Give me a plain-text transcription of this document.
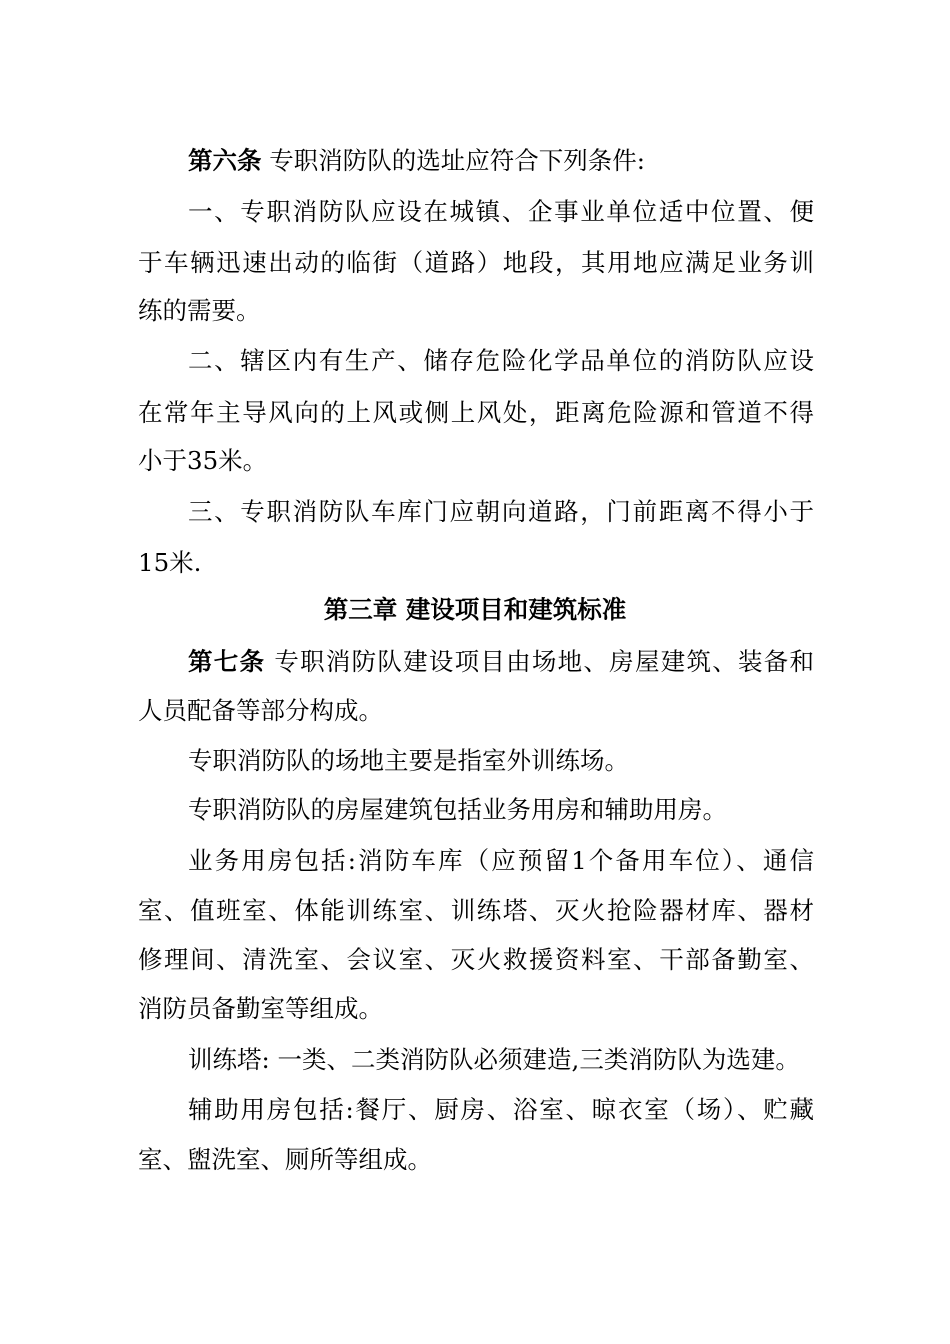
第六条 专职消防队的选址应符合下列条件:
一、专职消防队应设在城镇、企事业单位适中位置、便
于车辆迅速出动的临街（道路）地段，其用地应满足业务训
练的需要。
二、辖区内有生产、储存危险化学品单位的消防队应设
在常年主导风向的上风或侧上风处，距离危险源和管道不得
小于35米。
三、专职消防队车库门应朝向道路，门前距离不得小于
15米.
第三章 建设项目和建筑标准
第七条 专职消防队建设项目由场地、房屋建筑、装备和
人员配备等部分构成。
专职消防队的场地主要是指室外训练场。
专职消防队的房屋建筑包括业务用房和辅助用房。
业务用房包括:消防车库（应预留1个备用车位）、通信
室、值班室、体能训练室、训练塔、灭火抢险器材库、器材
修理间、清洗室、会议室、灭火救援资料室、干部备勤室、
消防员备勤室等组成。
训练塔: 一类、二类消防队必须建造,三类消防队为选建。
辅助用房包括:餐厅、厨房、浴室、晾衣室（场）、贮藏
室、盥洗室、厕所等组成。
